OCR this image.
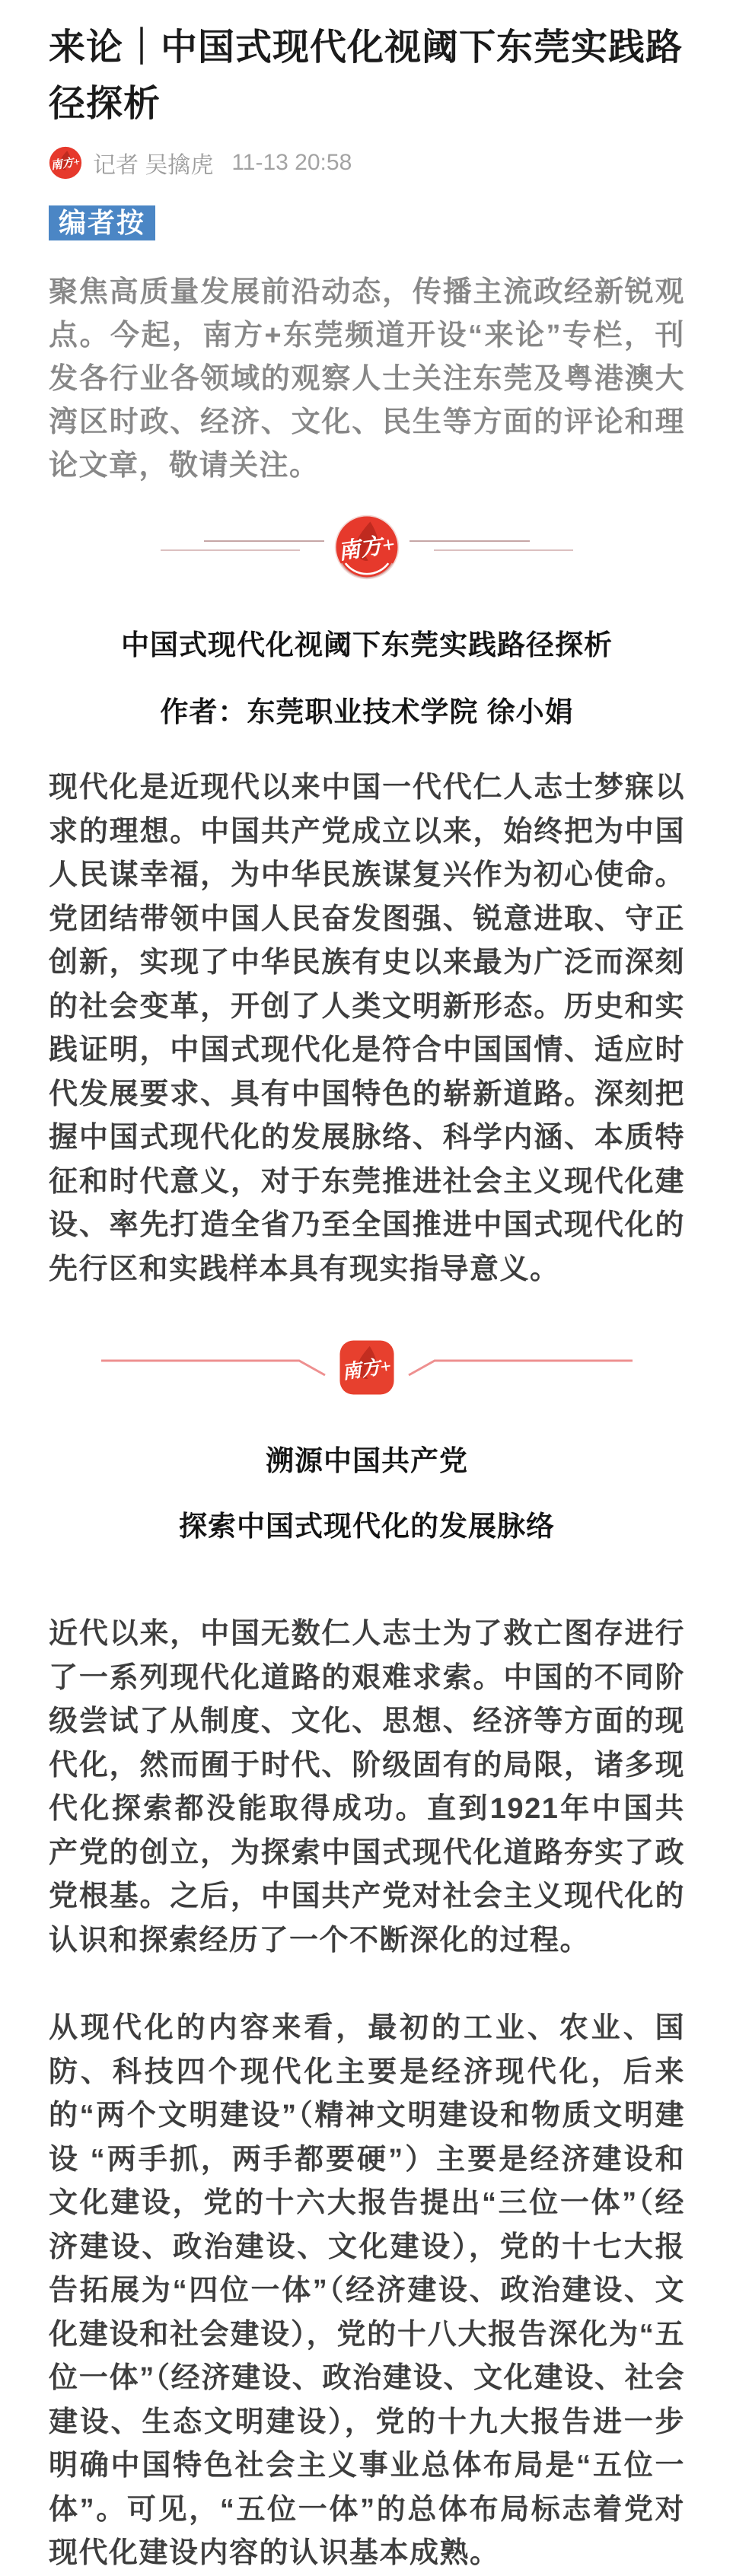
来论｜中国式现代化视阈下东莞实践路径探析
南方+ 记者 吴擒虎 11-13 20:58
编者按

聚焦高质量发展前沿动态，传播主流政经新锐观点。今起，南方+东莞频道开设“来论”专栏，刊发各行业各领域的观察人士关注东莞及粤港澳大湾区时政、经济、文化、民生等方面的评论和理论文章，敬请关注。

南方+
中国式现代化视阈下东莞实践路径探析
作者：东莞职业技术学院 徐小娟

现代化是近现代以来中国一代代仁人志士梦寐以求的理想。中国共产党成立以来，始终把为中国人民谋幸福，为中华民族谋复兴作为初心使命。党团结带领中国人民奋发图强、锐意进取、守正创新，实现了中华民族有史以来最为广泛而深刻的社会变革，开创了人类文明新形态。历史和实践证明，中国式现代化是符合中国国情、适应时代发展要求、具有中国特色的崭新道路。深刻把握中国式现代化的发展脉络、科学内涵、本质特征和时代意义，对于东莞推进社会主义现代化建设、率先打造全省乃至全国推进中国式现代化的先行区和实践样本具有现实指导意义。

南方+
溯源中国共产党
探索中国式现代化的发展脉络

近代以来，中国无数仁人志士为了救亡图存进行了一系列现代化道路的艰难求索。中国的不同阶级尝试了从制度、文化、思想、经济等方面的现代化，然而囿于时代、阶级固有的局限，诸多现代化探索都没能取得成功。直到1921年中国共产党的创立，为探索中国式现代化道路夯实了政党根基。之后，中国共产党对社会主义现代化的认识和探索经历了一个不断深化的过程。

从现代化的内容来看，最初的工业、农业、国防、科技四个现代化主要是经济现代化，后来的“两个文明建设”（精神文明建设和物质文明建设 “两手抓，两手都要硬”）主要是经济建设和文化建设，党的十六大报告提出“三位一体”（经济建设、政治建设、文化建设），党的十七大报告拓展为“四位一体”（经济建设、政治建设、文化建设和社会建设），党的十八大报告深化为“五位一体”（经济建设、政治建设、文化建设、社会建设、生态文明建设），党的十九大报告进一步明确中国特色社会主义事业总体布局是“五位一体”。可见，“五位一体”的总体布局标志着党对现代化建设内容的认识基本成熟。
